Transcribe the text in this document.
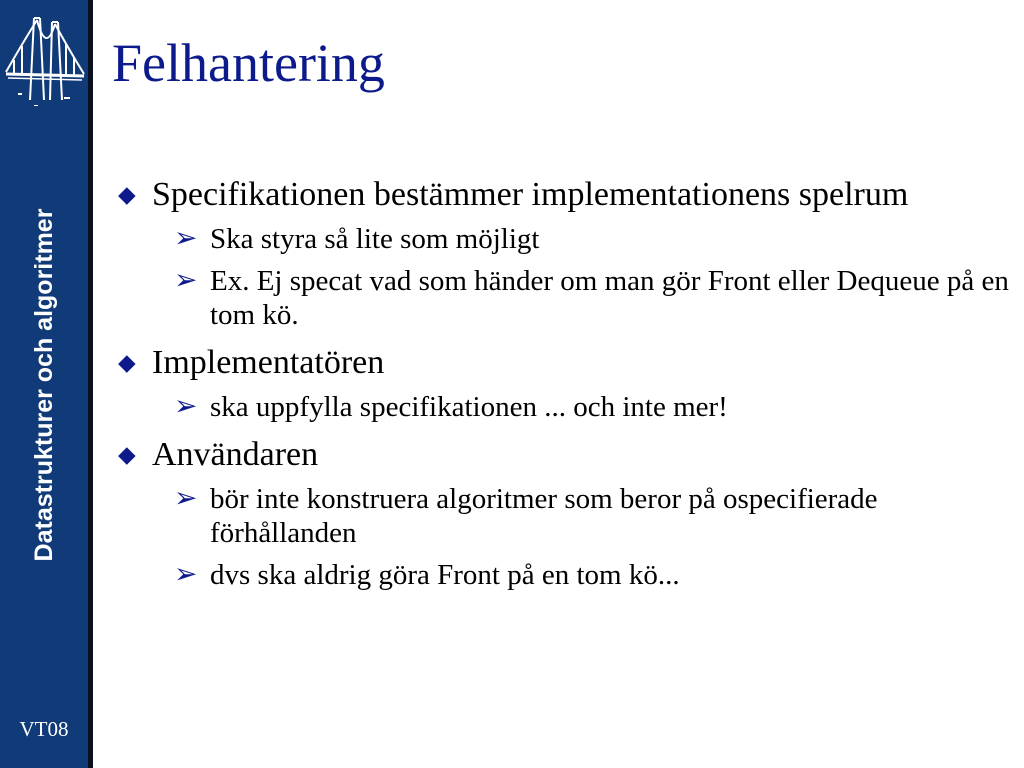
Datastrukturer och algoritmer
VT08
Felhantering
◆ Specifikationen bestämmer implementationens spelrum
➢ Ska styra så lite som möjligt
➢ Ex. Ej specat vad som händer om man gör Front eller Dequeue på en tom kö.
◆ Implementatören
➢ ska uppfylla specifikationen ... och inte mer!
◆ Användaren
➢ bör inte konstruera algoritmer som beror på ospecifierade förhållanden
➢ dvs ska aldrig göra Front på en tom kö...
